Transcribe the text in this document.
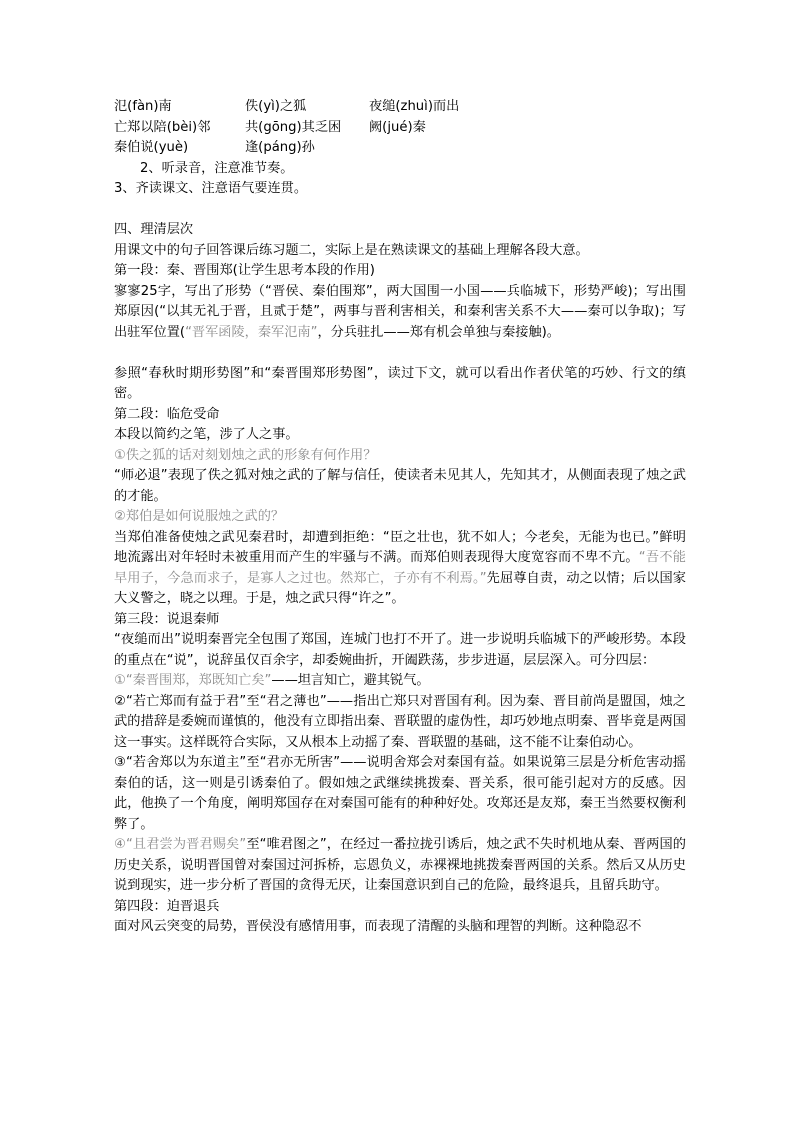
氾(fàn)南	佚(yì)之狐	夜缒(zhuì)而出
亡郑以陪(bèi)邻	共(gōng)其乏困	阙(jué)秦
秦伯说(yuè)	逢(páng)孙
2、听录音，注意准节奏。
3、齐读课文、注意语气要连贯。

四、理清层次

用课文中的句子回答课后练习题二，实际上是在熟读课文的基础上理解各段大意。

第一段：秦、晋围郑(让学生思考本段的作用)

寥寥25字，写出了形势（“晋侯、秦伯围郑”，两大国围一小国——兵临城下，形势严峻)；写出围郑原因(“以其无礼于晋，且贰于楚”，两事与晋利害相关，和秦利害关系不大——秦可以争取)；写出驻军位置(“晋军函陵，秦军氾南”，分兵驻扎——郑有机会单独与秦接触)。

参照“春秋时期形势图”和“秦晋围郑形势图”，读过下文，就可以看出作者伏笔的巧妙、行文的缜密。

第二段：临危受命

本段以简约之笔，涉了人之事。

①佚之狐的话对刻划烛之武的形象有何作用？

“师必退”表现了佚之狐对烛之武的了解与信任，使读者未见其人，先知其才，从侧面表现了烛之武的才能。

②郑伯是如何说服烛之武的？

当郑伯准备使烛之武见秦君时，却遭到拒绝：“臣之壮也，犹不如人；今老矣，无能为也已。”鲜明地流露出对年轻时未被重用而产生的牢骚与不满。而郑伯则表现得大度宽容而不卑不亢。“吾不能早用子，今急而求子，是寡人之过也。然郑亡，子亦有不利焉。”先屈尊自责，动之以情；后以国家大义警之，晓之以理。于是，烛之武只得“许之”。

第三段：说退秦师

“夜缒而出”说明秦晋完全包围了郑国，连城门也打不开了。进一步说明兵临城下的严峻形势。本段的重点在“说”，说辞虽仅百余字，却委婉曲折，开阖跌荡，步步进逼，层层深入。可分四层：

①“秦晋围郑，郑既知亡矣”——坦言知亡，避其锐气。

②“若亡郑而有益于君”至“君之薄也”——指出亡郑只对晋国有利。因为秦、晋目前尚是盟国，烛之武的措辞是委婉而谨慎的，他没有立即指出秦、晋联盟的虚伪性，却巧妙地点明秦、晋毕竟是两国这一事实。这样既符合实际，又从根本上动摇了秦、晋联盟的基础，这不能不让秦伯动心。

③“若舍郑以为东道主”至“君亦无所害”——说明舍郑会对秦国有益。如果说第三层是分析危害动摇秦伯的话，这一则是引诱秦伯了。假如烛之武继续挑拨秦、晋关系，很可能引起对方的反感。因此，他换了一个角度，阐明郑国存在对秦国可能有的种种好处。攻郑还是友郑，秦王当然要权衡利弊了。

④“且君尝为晋君赐矣”至“唯君图之”，在经过一番拉拢引诱后，烛之武不失时机地从秦、晋两国的历史关系，说明晋国曾对秦国过河拆桥，忘恩负义，赤裸裸地挑拨秦晋两国的关系。然后又从历史说到现实，进一步分析了晋国的贪得无厌，让秦国意识到自己的危险，最终退兵，且留兵助守。

第四段：迫晋退兵

面对风云突变的局势，晋侯没有感情用事，而表现了清醒的头脑和理智的判断。这种隐忍不
